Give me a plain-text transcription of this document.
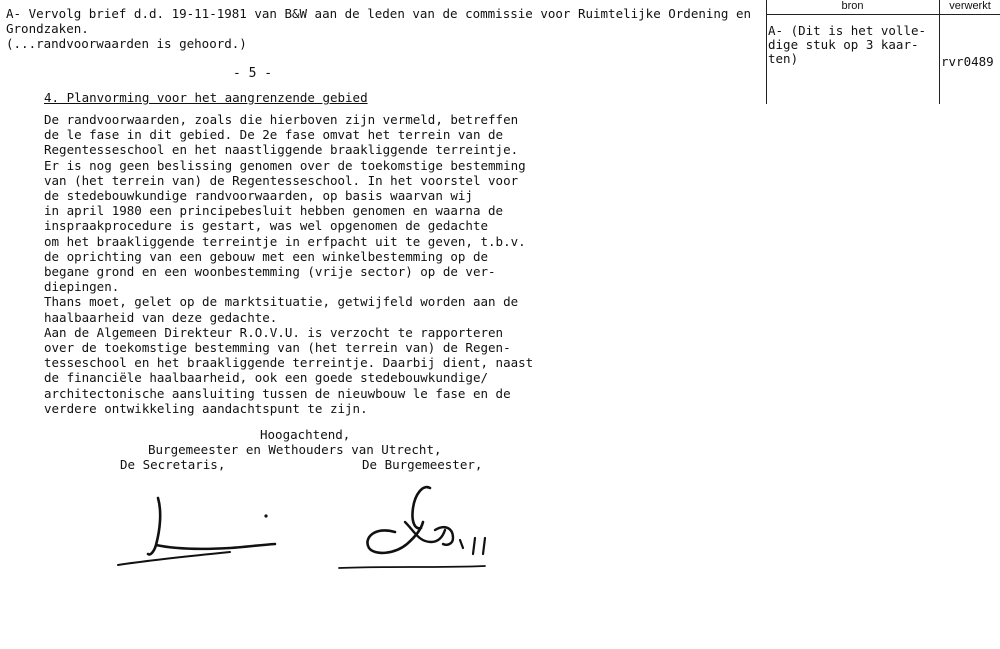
A- Vervolg brief d.d. 19-11-1981 van B&W aan de leden van de commissie voor Ruimtelijke Ordening en
Grondzaken.
(...randvoorwaarden is gehoord.)
- 5 -
4. Planvorming voor het aangrenzende gebied
De randvoorwaarden, zoals die hierboven zijn vermeld, betreffen
de le fase in dit gebied. De 2e fase omvat het terrein van de
Regentesseschool en het naastliggende braakliggende terreintje.
Er is nog geen beslissing genomen over de toekomstige bestemming
van (het terrein van) de Regentesseschool. In het voorstel voor
de stedebouwkundige randvoorwaarden, op basis waarvan wij
in april 1980 een principebesluit hebben genomen en waarna de
inspraakprocedure is gestart, was wel opgenomen de gedachte
om het braakliggende terreintje in erfpacht uit te geven, t.b.v.
de oprichting van een gebouw met een winkelbestemming op de
begane grond en een woonbestemming (vrije sector) op de ver-
diepingen.
Thans moet, gelet op de marktsituatie, getwijfeld worden aan de
haalbaarheid van deze gedachte.
Aan de Algemeen Direkteur R.O.V.U. is verzocht te rapporteren
over de toekomstige bestemming van (het terrein van) de Regen-
tesseschool en het braakliggende terreintje. Daarbij dient, naast
de financiële haalbaarheid, ook een goede stedebouwkundige/
architectonische aansluiting tussen de nieuwbouw le fase en de
verdere ontwikkeling aandachtspunt te zijn.
Hoogachtend,
Burgemeester en Wethouders van Utrecht,
De Secretaris,	De Burgemeester,
bron	verwerkt
A- (Dit is het volle-
dige stuk op 3 kaar-
ten)	rvr0489
